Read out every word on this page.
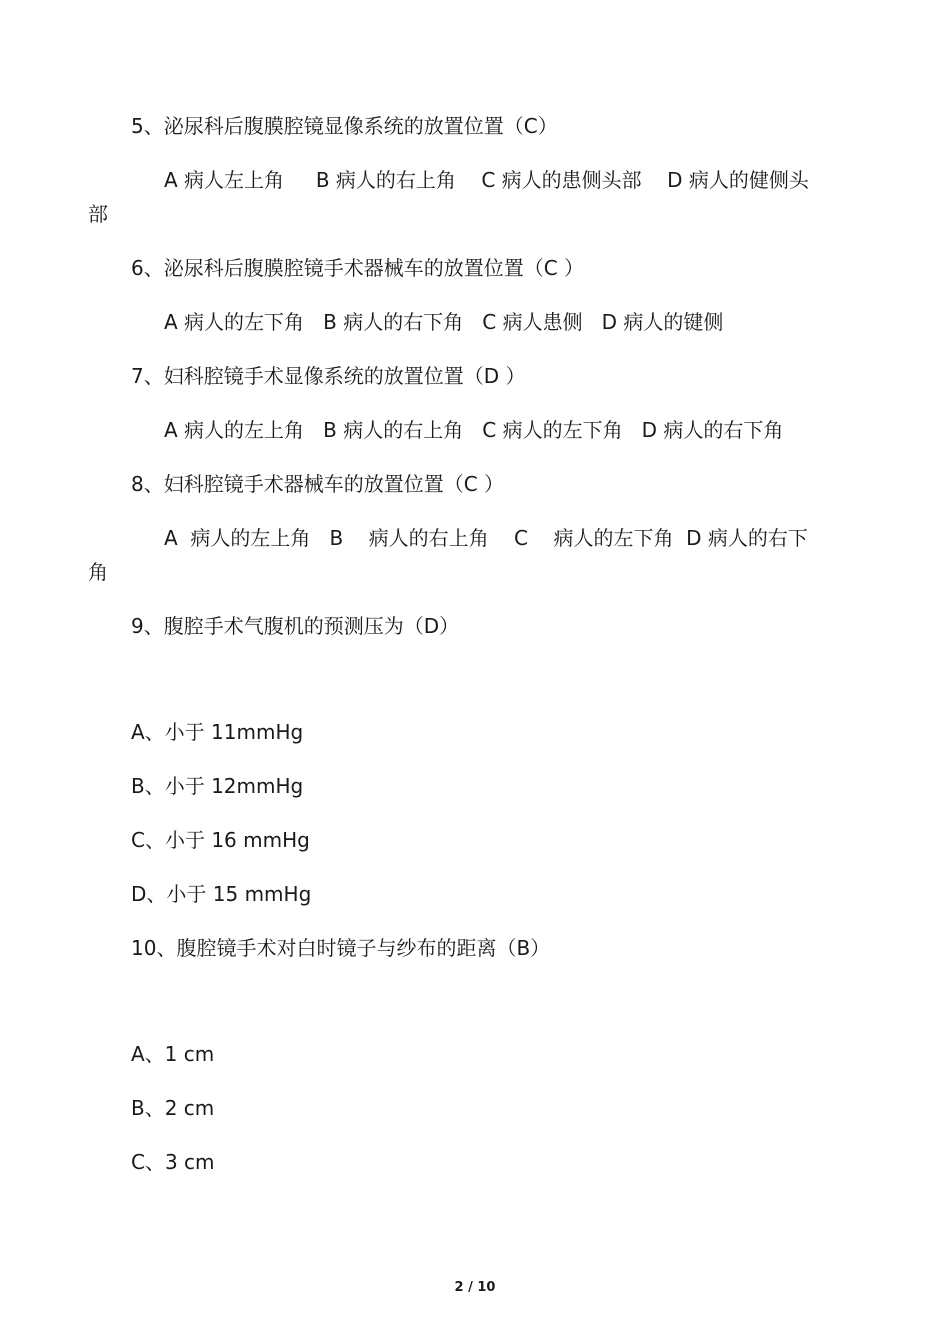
5、泌尿科后腹膜腔镜显像系统的放置位置（C）
A 病人左上角     B 病人的右上角    C 病人的患侧头部    D 病人的健侧头
部
6、泌尿科后腹膜腔镜手术器械车的放置位置（C ）
A 病人的左下角   B 病人的右下角   C 病人患侧   D 病人的键侧
7、妇科腔镜手术显像系统的放置位置（D ）
A 病人的左上角   B 病人的右上角   C 病人的左下角   D 病人的右下角
8、妇科腔镜手术器械车的放置位置（C ）
A  病人的左上角   B    病人的右上角    C    病人的左下角  D 病人的右下
角
9、腹腔手术气腹机的预测压为（D）
A、小于 11mmHg
B、小于 12mmHg
C、小于 16 mmHg
D、小于 15 mmHg
10、腹腔镜手术对白时镜子与纱布的距离（B）
A、1 cm
B、2 cm
C、3 cm
2 / 10
